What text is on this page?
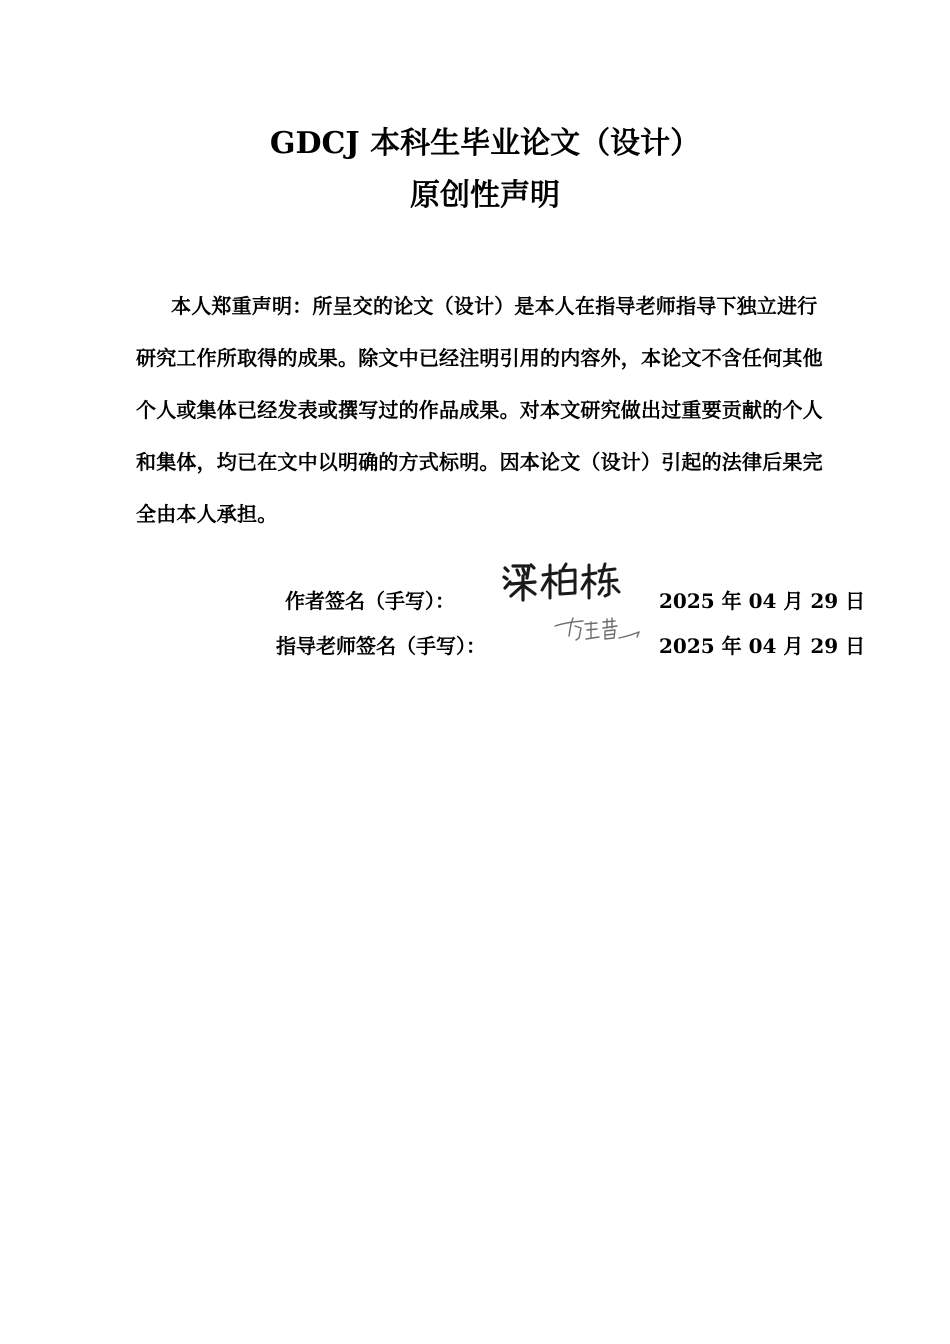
GDCJ 本科生毕业论文（设计）
原创性声明

本人郑重声明：所呈交的论文（设计）是本人在指导老师指导下独立进行研究工作所取得的成果。除文中已经注明引用的内容外，本论文不含任何其他个人或集体已经发表或撰写过的作品成果。对本文研究做出过重要贡献的个人和集体，均已在文中以明确的方式标明。因本论文（设计）引起的法律后果完全由本人承担。

作者签名（手写）：	2025 年 04 月 29 日
指导老师签名（手写）：	2025 年 04 月 29 日
